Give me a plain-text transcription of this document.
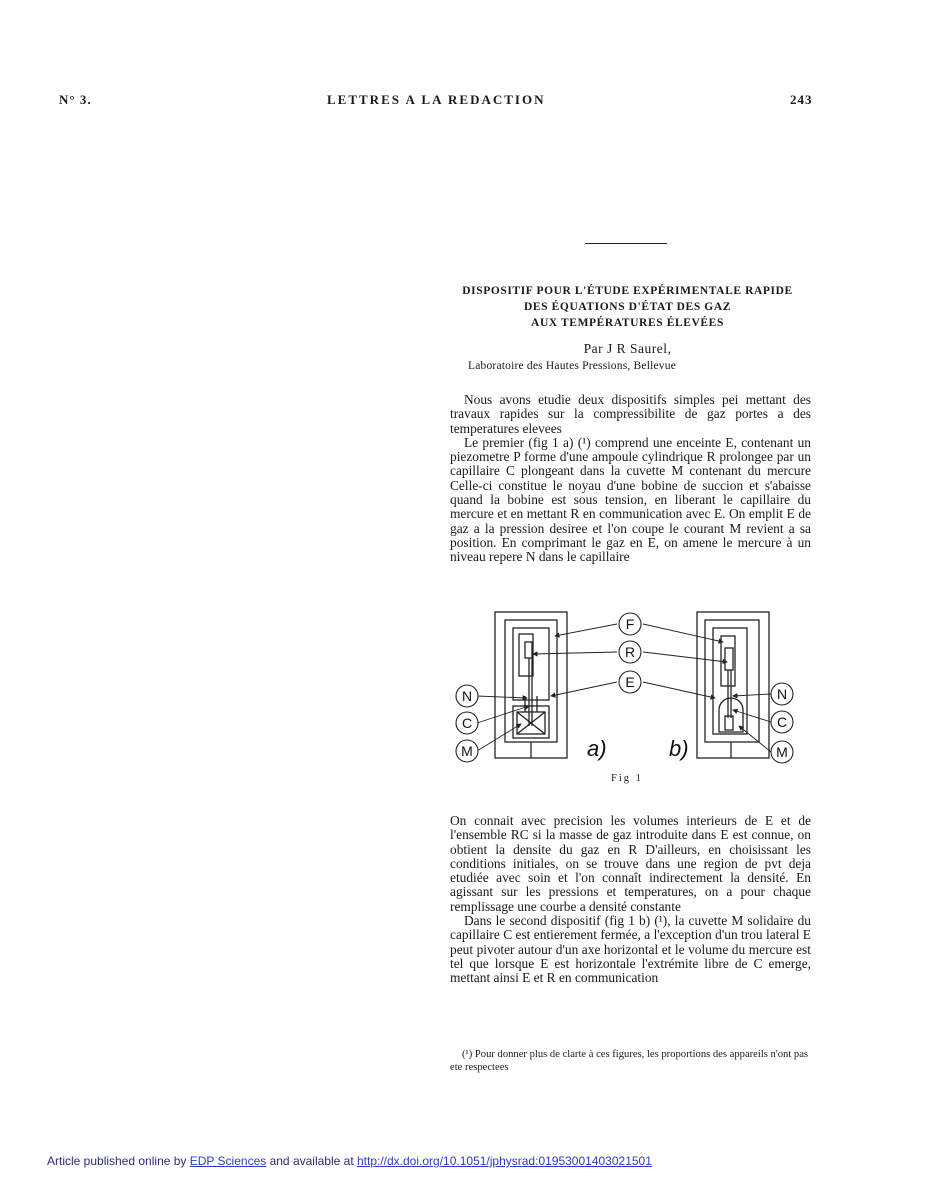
N° 3.	LETTRES A LA REDACTION	243
DISPOSITIF POUR L'ÉTUDE EXPÉRIMENTALE RAPIDE
DES ÉQUATIONS D'ÉTAT DES GAZ
AUX TEMPÉRATURES ÉLEVÉES
Par J R Saurel,
Laboratoire des Hautes Pressions, Bellevue

Nous avons etudie deux dispositifs simples pei mettant des travaux rapides sur la compressibilite de gaz portes a des temperatures elevees

Le premier (fig 1 a) (¹) comprend une enceinte E, contenant un piezometre P forme d'une ampoule cylindrique R prolongee par un capillaire C plongeant dans la cuvette M contenant du mercure Celle-ci constitue le noyau d'une bobine de succion et s'abaisse quand la bobine est sous tension, en liberant le capillaire du mercure et en mettant R en communication avec E. On emplit E de gaz a la pression desiree et l'on coupe le courant M revient a sa position. En comprimant le gaz en E, on amene le mercure à un niveau repere N dans le capillaire

F
R
E
N
C
M
N
C
M
a)	b)
Fig 1

On connait avec precision les volumes interieurs de E et de l'ensemble RC si la masse de gaz introduite dans E est connue, on obtient la densite du gaz en R D'ailleurs, en choisissant les conditions initiales, on se trouve dans une region de pvt deja etudiée avec soin et l'on connaît indirectement la densité. En agissant sur les pressions et temperatures, on a pour chaque remplissage une courbe a densité constante

Dans le second dispositif (fig 1 b) (¹), la cuvette M solidaire du capillaire C est entierement fermée, a l'exception d'un trou lateral E peut pivoter autour d'un axe horizontal et le volume du mercure est tel que lorsque E est horizontale l'extrémite libre de C emerge, mettant ainsi E et R en communication

(¹) Pour donner plus de clarte à ces figures, les proportions des appareils n'ont pas ete respectees

Article published online by EDP Sciences and available at http://dx.doi.org/10.1051/jphysrad:01953001403021501
